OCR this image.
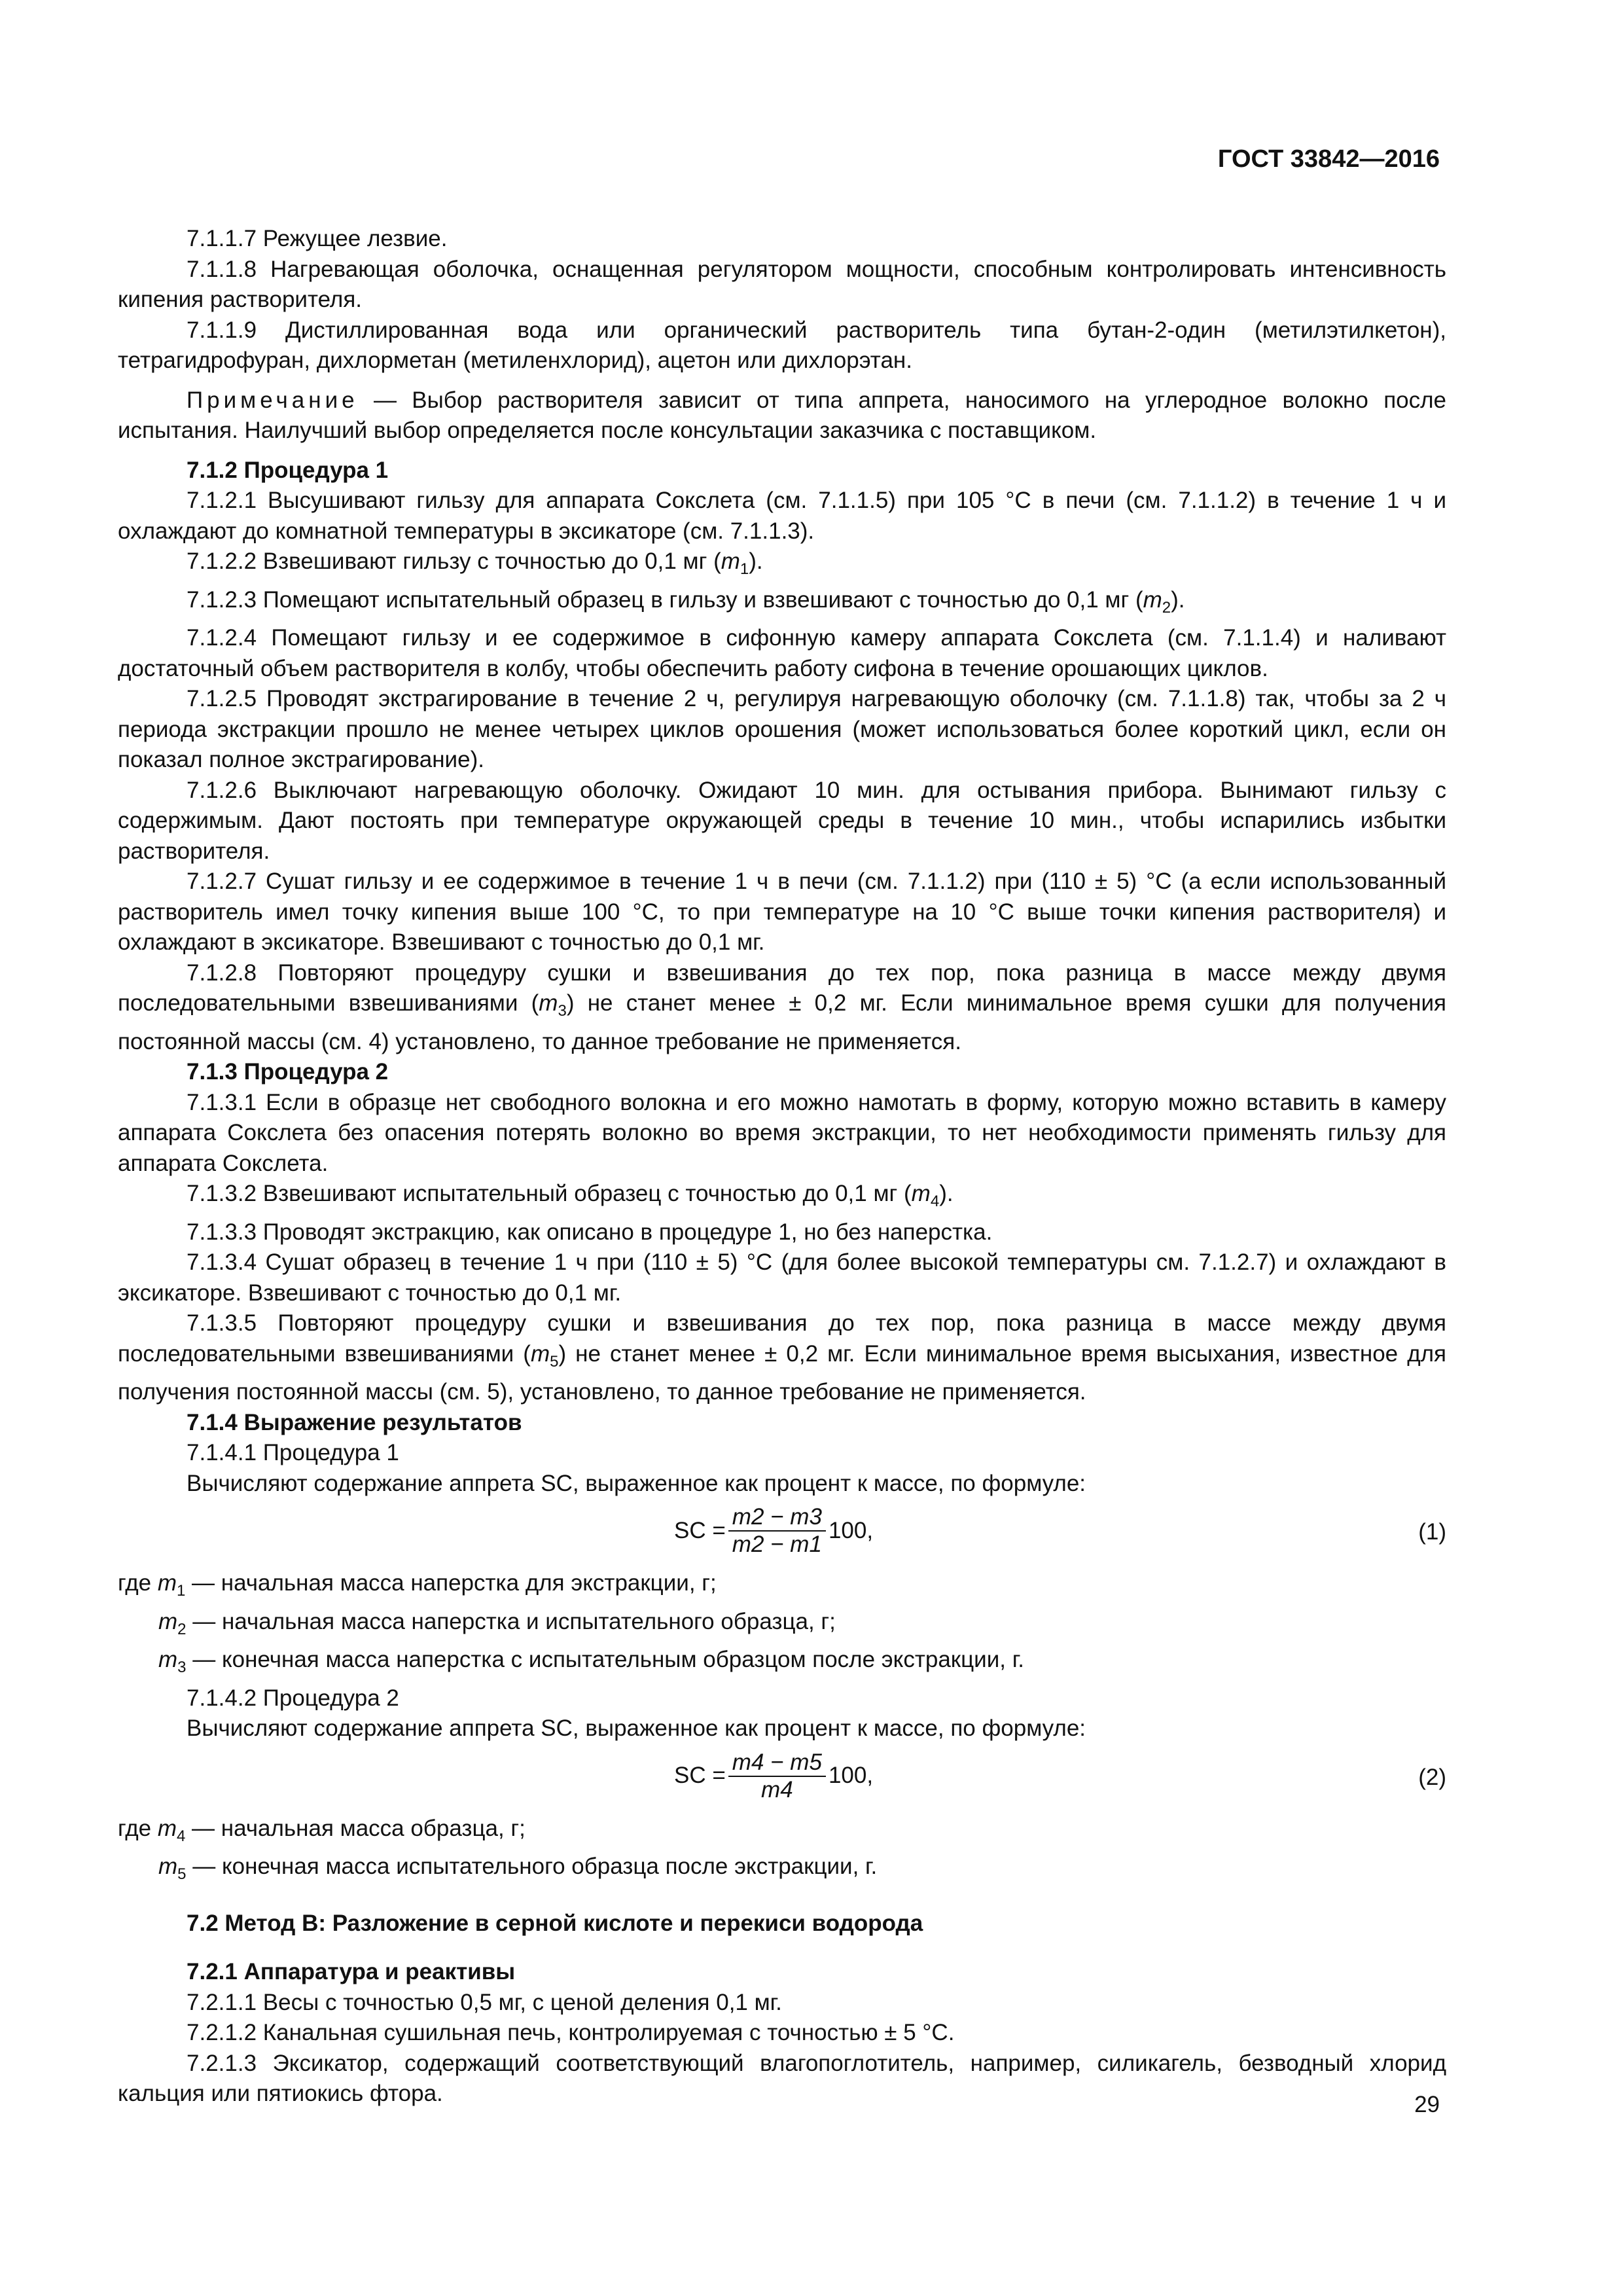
ГОСТ 33842—2016

7.1.1.7 Режущее лезвие.

7.1.1.8 Нагревающая оболочка, оснащенная регулятором мощности, способным контролировать интенсивность кипения растворителя.

7.1.1.9 Дистиллированная вода или органический растворитель типа бутан-2-один (метилэтилкетон), тетрагидрофуран, дихлорметан (метиленхлорид), ацетон или дихлорэтан.

Примечание — Выбор растворителя зависит от типа аппрета, наносимого на углеродное волокно после испытания. Наилучший выбор определяется после консультации заказчика с поставщиком.

7.1.2 Процедура 1

7.1.2.1 Высушивают гильзу для аппарата Сокслета (см. 7.1.1.5) при 105 °С в печи (см. 7.1.1.2) в течение 1 ч и охлаждают до комнатной температуры в эксикаторе (см. 7.1.1.3).

7.1.2.2 Взвешивают гильзу с точностью до 0,1 мг $(m_1)$.

7.1.2.3 Помещают испытательный образец в гильзу и взвешивают с точностью до 0,1 мг $(m_2)$.

7.1.2.4 Помещают гильзу и ее содержимое в сифонную камеру аппарата Сокслета (см. 7.1.1.4) и наливают достаточный объем растворителя в колбу, чтобы обеспечить работу сифона в течение орошающих циклов.

7.1.2.5 Проводят экстрагирование в течение 2 ч, регулируя нагревающую оболочку (см. 7.1.1.8) так, чтобы за 2 ч периода экстракции прошло не менее четырех циклов орошения (может использоваться более короткий цикл, если он показал полное экстрагирование).

7.1.2.6 Выключают нагревающую оболочку. Ожидают 10 мин. для остывания прибора. Вынимают гильзу с содержимым. Дают постоять при температуре окружающей среды в течение 10 мин., чтобы испарились избытки растворителя.

7.1.2.7 Сушат гильзу и ее содержимое в течение 1 ч в печи (см. 7.1.1.2) при (110 ± 5) °С (а если использованный растворитель имел точку кипения выше 100 °С, то при температуре на 10 °С выше точки кипения растворителя) и охлаждают в эксикаторе. Взвешивают с точностью до 0,1 мг.

7.1.2.8 Повторяют процедуру сушки и взвешивания до тех пор, пока разница в массе между двумя последовательными взвешиваниями $(m_3)$ не станет менее ± 0,2 мг. Если минимальное время сушки для получения постоянной массы (см. 4) установлено, то данное требование не применяется.

7.1.3 Процедура 2

7.1.3.1 Если в образце нет свободного волокна и его можно намотать в форму, которую можно вставить в камеру аппарата Сокслета без опасения потерять волокно во время экстракции, то нет необходимости применять гильзу для аппарата Сокслета.

7.1.3.2 Взвешивают испытательный образец с точностью до 0,1 мг $(m_4)$.

7.1.3.3 Проводят экстракцию, как описано в процедуре 1, но без наперстка.

7.1.3.4 Сушат образец в течение 1 ч при (110 ± 5) °С (для более высокой температуры см. 7.1.2.7) и охлаждают в эксикаторе. Взвешивают с точностью до 0,1 мг.

7.1.3.5 Повторяют процедуру сушки и взвешивания до тех пор, пока разница в массе между двумя последовательными взвешиваниями $(m_5)$ не станет менее ± 0,2 мг. Если минимальное время высыхания, известное для получения постоянной массы (см. 5), установлено, то данное требование не применяется.

7.1.4 Выражение результатов

7.1.4.1 Процедура 1

Вычисляют содержание аппрета SC, выраженное как процент к массе, по формуле:

SC = $\frac{m2 - m3}{m2 - m1} 100$,	(1)

где $m_1$ — начальная масса наперстка для экстракции, г;

$m_2$ — начальная масса наперстка и испытательного образца, г;

$m_3$ — конечная масса наперстка с испытательным образцом после экстракции, г.

7.1.4.2 Процедура 2

Вычисляют содержание аппрета SC, выраженное как процент к массе, по формуле:

SC = $\frac{m4 - m5}{m4} 100$,	(2)

где $m_4$ — начальная масса образца, г;

$m_5$ — конечная масса испытательного образца после экстракции, г.

7.2 Метод В: Разложение в серной кислоте и перекиси водорода

7.2.1 Аппаратура и реактивы

7.2.1.1 Весы с точностью 0,5 мг, с ценой деления 0,1 мг.

7.2.1.2 Канальная сушильная печь, контролируемая с точностью ± 5 °С.

7.2.1.3 Эксикатор, содержащий соответствующий влагопоглотитель, например, силикагель, безводный хлорид кальция или пятиокись фтора.	29
